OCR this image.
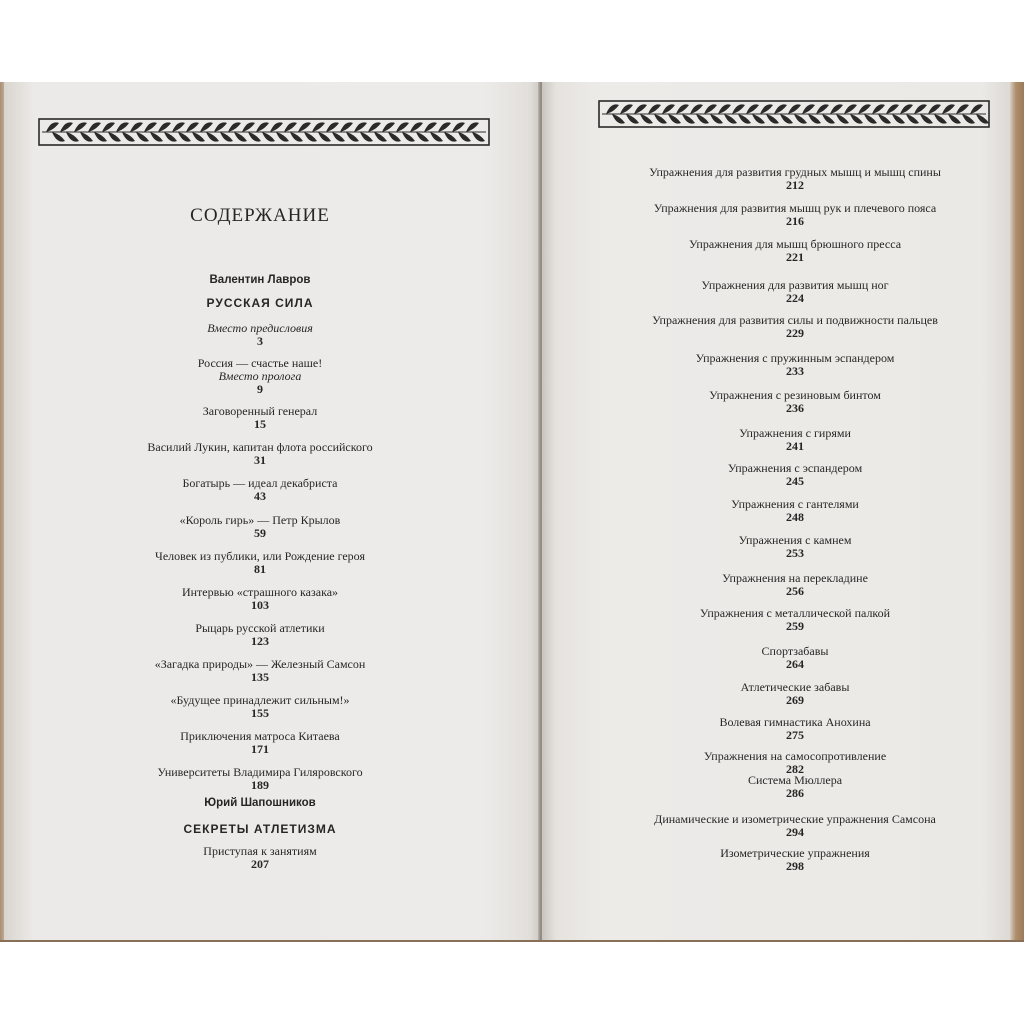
СОДЕРЖАНИЕ
Валентин Лавров
РУССКАЯ СИЛА
Вместо предисловия
3
Россия — счастье наше!
Вместо пролога
9
Заговоренный генерал
15
Василий Лукин, капитан флота российского
31
Богатырь — идеал декабриста
43
«Король гирь» — Петр Крылов
59
Человек из публики, или Рождение героя
81
Интервью «страшного казака»
103
Рыцарь русской атлетики
123
«Загадка природы» — Железный Самсон
135
«Будущее принадлежит сильным!»
155
Приключения матроса Китаева
171
Университеты Владимира Гиляровского
189
Юрий Шапошников
СЕКРЕТЫ АТЛЕТИЗМА
Приступая к занятиям
207
Упражнения для развития грудных мышц и мышц спины
212
Упражнения для развития мышц рук и плечевого пояса
216
Упражнения для мышц брюшного пресса
221
Упражнения для развития мышц ног
224
Упражнения для развития силы и подвижности пальцев
229
Упражнения с пружинным эспандером
233
Упражнения с резиновым бинтом
236
Упражнения с гирями
241
Упражнения с эспандером
245
Упражнения с гантелями
248
Упражнения с камнем
253
Упражнения на перекладине
256
Упражнения с металлической палкой
259
Спортзабавы
264
Атлетические забавы
269
Волевая гимнастика Анохина
275
Упражнения на самосопротивление
282
Система Мюллера
286
Динамические и изометрические упражнения Самсона
294
Изометрические упражнения
298
